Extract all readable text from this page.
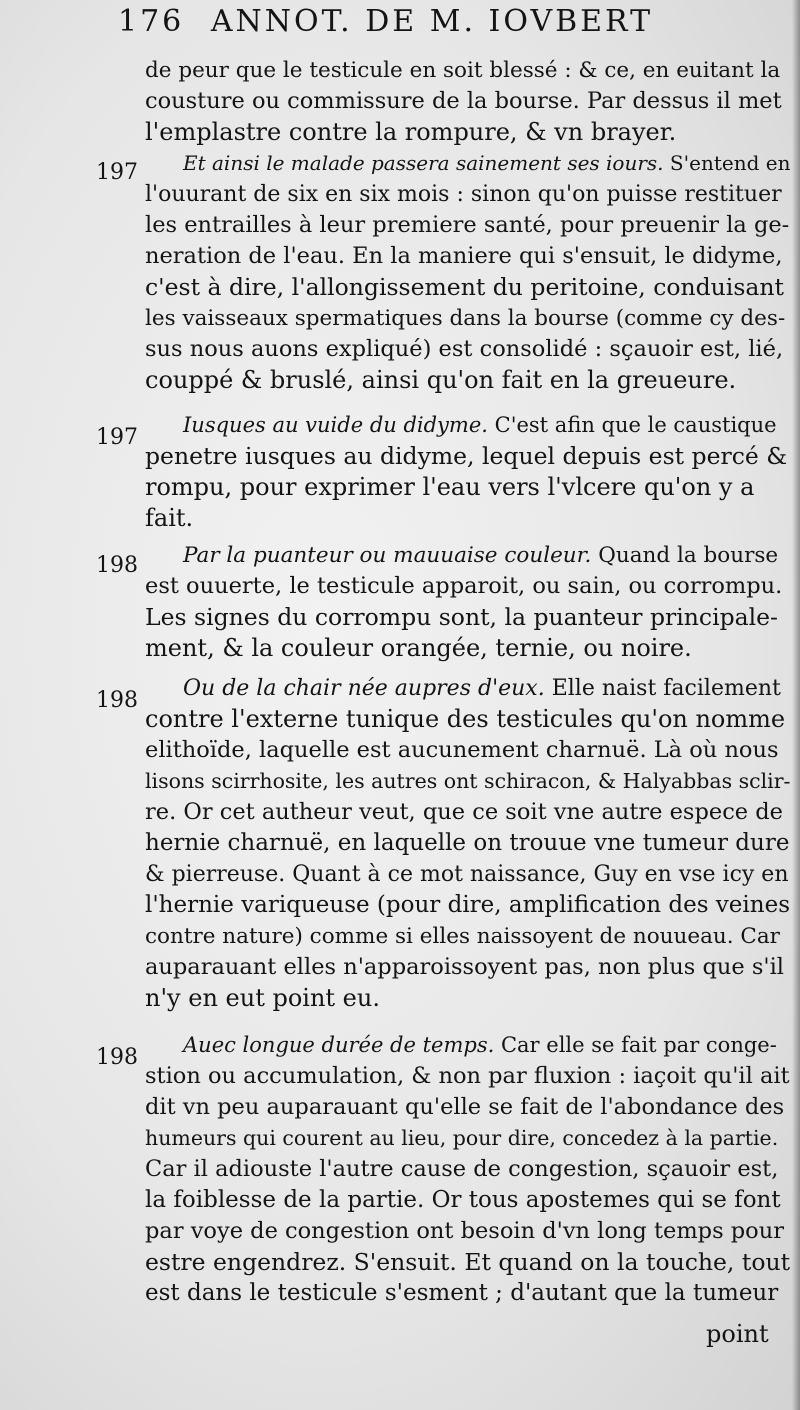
176 ANNOT. DE M. IOVBERT
de peur que le testicule en soit blessé : & ce, en euitant la
cousture ou commissure de la bourse. Par dessus il met
l'emplastre contre la rompure, & vn brayer.
197 Et ainsi le malade passera sainement ses iours. S'entend en
l'ouurant de six en six mois : sinon qu'on puisse restituer
les entrailles à leur premiere santé, pour preuenir la ge-
neration de l'eau. En la maniere qui s'ensuit, le didyme,
c'est à dire, l'allongissement du peritoine, conduisant
les vaisseaux spermatiques dans la bourse (comme cy des-
sus nous auons expliqué) est consolidé : sçauoir est, lié,
couppé & bruslé, ainsi qu'on fait en la greueure.
197 Iusques au vuide du didyme. C'est afin que le caustique
penetre iusques au didyme, lequel depuis est percé &
rompu, pour exprimer l'eau vers l'vlcere qu'on y a
fait.
198 Par la puanteur ou mauuaise couleur. Quand la bourse
est ouuerte, le testicule apparoit, ou sain, ou corrompu.
Les signes du corrompu sont, la puanteur principale-
ment, & la couleur orangée, ternie, ou noire.
198 Ou de la chair née aupres d'eux. Elle naist facilement
contre l'externe tunique des testicules qu'on nomme
elithoïde, laquelle est aucunement charnuë. Là où nous
lisons scirrhosite, les autres ont schiracon, & Halyabbas sclir-
re. Or cet autheur veut, que ce soit vne autre espece de
hernie charnuë, en laquelle on trouue vne tumeur dure
& pierreuse. Quant à ce mot naissance, Guy en vse icy en
l'hernie variqueuse (pour dire, amplification des veines
contre nature) comme si elles naissoyent de nouueau. Car
auparauant elles n'apparoissoyent pas, non plus que s'il
n'y en eut point eu.
198 Auec longue durée de temps. Car elle se fait par conge-
stion ou accumulation, & non par fluxion : iaçoit qu'il ait
dit vn peu auparauant qu'elle se fait de l'abondance des
humeurs qui courent au lieu, pour dire, concedez à la partie.
Car il adiouste l'autre cause de congestion, sçauoir est,
la foiblesse de la partie. Or tous apostemes qui se font
par voye de congestion ont besoin d'vn long temps pour
estre engendrez. S'ensuit. Et quand on la touche, tout
est dans le testicule s'esment ; d'autant que la tumeur
point
